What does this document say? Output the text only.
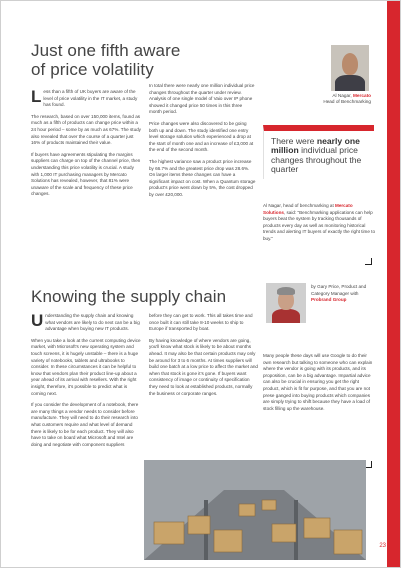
23
Just one fifth aware
of price volatility

Less than a fifth of UK buyers are aware of the level of price volatility in the IT market, a study has found.

The research, based on over 150,000 items, found as much as a fifth of products can change price within a 24 hour period – some by as much as 67%. The study also revealed that over the course of a quarter just 16% of products maintained their value.

If buyers have agreements stipulating the margins suppliers can charge on top of the channel price, then understanding this price volatility is crucial. A study with 1,000 IT purchasing managers by Mercato Solutions has revealed, however, that 81% were unaware of the scale and frequency of these price changes.

In total there were nearly one million individual price changes throughout the quarter under review. Analysis of one single model of Vaio over IP phone showed it changed price 50 times in this three month period.

Price changes were also discovered to be going both up and down. The study identified one entry level storage solution which experienced a drop at the start of month one and an increase of £3,000 at the end of the second month.

The highest variance saw a product price increase by 66.7% and the greatest price drop was 28.6%. On larger items these changes can have a significant impact on cost. When a Quantum storage product's price went down by 5%, the cost dropped by over £20,000.

Al Nagar, Mercato
Head of Benchmarking
There were nearly one million individual price changes throughout the quarter

Al Nagar, head of benchmarking at Mercato Solutions, said: "Benchmarking applications can help buyers beat the system by tracking thousands of products every day as well as monitoring historical trends and alerting IT buyers of exactly the right time to buy."

Knowing the supply chain

Understanding the supply chain and knowing what vendors are likely to do next can be a big advantage when buying new IT products.

When you take a look at the current computing device market, with Microsoft's new operating system and touch screens, it is hugely unstable – there is a huge variety of notebooks, tablets and ultrabooks to consider. In these circumstances it can be helpful to know that vendors plan their product line-up about a year ahead of its arrival with resellers. With the right insight, therefore, it's possible to predict what is coming next.

If you consider the development of a notebook, there are many things a vendor needs to consider before manufacture. They will need to do their research into what customers require and what level of demand there is likely to be for each product. They will also have to take on board what Microsoft and Intel are doing and negotiate with component suppliers

before they can get to work. This all takes time and once built it can still take 8-10 weeks to ship to Europe if transported by boat.

By having knowledge of where vendors are going, you'll know what stock is likely to be about months ahead. It may also be that certain products may only be around for 3 to 6 months. At times suppliers will build one batch at a low price to affect the market and when that stock is gone it's gone. If buyers want consistency of image or continuity of specification they need to look at established products, normally the business or corporate ranges.

by Gary Price, Product and Category Manager with Probrand Group

Many people these days will use Google to do their own research but talking to someone who can explain where the vendor is going with its products, and its proposition, can be a big advantage. Impartial advice can also be crucial in ensuring you get the right product, which is fit for purpose, and that you are not prese ganged into buying products which companies are simply trying to shift because they have a load of stock filling up the warehouse.
